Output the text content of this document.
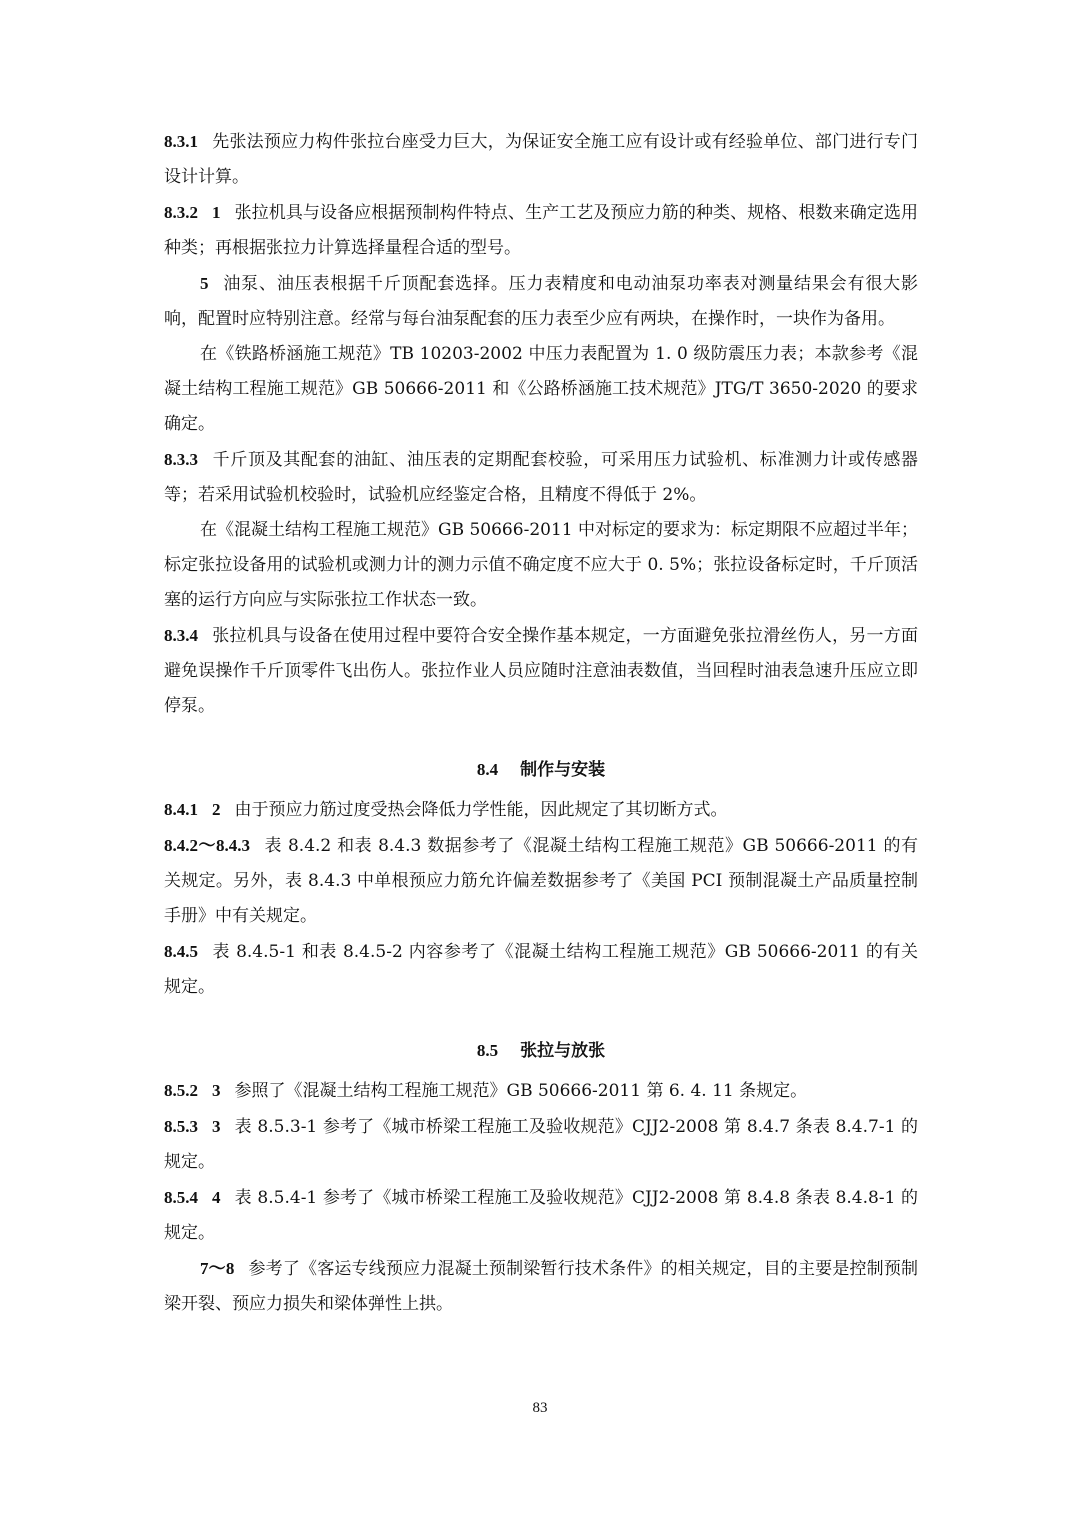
8.3.1 先张法预应力构件张拉台座受力巨大，为保证安全施工应有设计或有经验单位、部门进行专门设计计算。

8.3.2 1 张拉机具与设备应根据预制构件特点、生产工艺及预应力筋的种类、规格、根数来确定选用种类；再根据张拉力计算选择量程合适的型号。

5 油泵、油压表根据千斤顶配套选择。压力表精度和电动油泵功率表对测量结果会有很大影响，配置时应特别注意。经常与每台油泵配套的压力表至少应有两块，在操作时，一块作为备用。

在《铁路桥涵施工规范》TB 10203-2002 中压力表配置为 1. 0 级防震压力表；本款参考《混凝土结构工程施工规范》GB 50666-2011 和《公路桥涵施工技术规范》JTG/T 3650-2020 的要求确定。

8.3.3 千斤顶及其配套的油缸、油压表的定期配套校验，可采用压力试验机、标准测力计或传感器等；若采用试验机校验时，试验机应经鉴定合格，且精度不得低于 2%。

在《混凝土结构工程施工规范》GB 50666-2011 中对标定的要求为：标定期限不应超过半年；标定张拉设备用的试验机或测力计的测力示值不确定度不应大于 0. 5%；张拉设备标定时，千斤顶活塞的运行方向应与实际张拉工作状态一致。

8.3.4 张拉机具与设备在使用过程中要符合安全操作基本规定，一方面避免张拉滑丝伤人，另一方面避免误操作千斤顶零件飞出伤人。张拉作业人员应随时注意油表数值，当回程时油表急速升压应立即停泵。

8.4 制作与安装

8.4.1 2 由于预应力筋过度受热会降低力学性能，因此规定了其切断方式。

8.4.2～8.4.3 表 8.4.2 和表 8.4.3 数据参考了《混凝土结构工程施工规范》GB 50666-2011 的有关规定。另外，表 8.4.3 中单根预应力筋允许偏差数据参考了《美国 PCI 预制混凝土产品质量控制手册》中有关规定。

8.4.5 表 8.4.5-1 和表 8.4.5-2 内容参考了《混凝土结构工程施工规范》GB 50666-2011 的有关规定。

8.5 张拉与放张

8.5.2 3 参照了《混凝土结构工程施工规范》GB 50666-2011 第 6. 4. 11 条规定。

8.5.3 3 表 8.5.3-1 参考了《城市桥梁工程施工及验收规范》CJJ2-2008 第 8.4.7 条表 8.4.7-1 的规定。

8.5.4 4 表 8.5.4-1 参考了《城市桥梁工程施工及验收规范》CJJ2-2008 第 8.4.8 条表 8.4.8-1 的规定。

7～8 参考了《客运专线预应力混凝土预制梁暂行技术条件》的相关规定，目的主要是控制预制梁开裂、预应力损失和梁体弹性上拱。

83
